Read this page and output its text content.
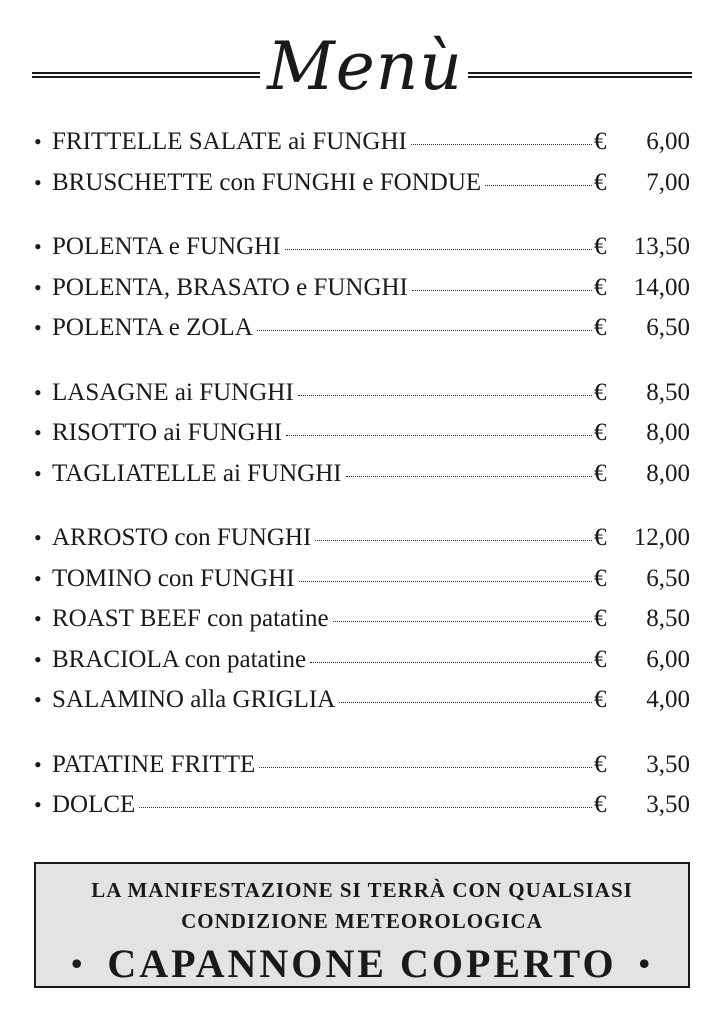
Menù
• FRITTELLE SALATE ai FUNGHI	€	6,00
• BRUSCHETTE con FUNGHI e FONDUE	€	7,00
• POLENTA e FUNGHI	€	13,50
• POLENTA, BRASATO e FUNGHI	€	14,00
• POLENTA e ZOLA	€	6,50
• LASAGNE ai FUNGHI	€	8,50
• RISOTTO ai FUNGHI	€	8,00
• TAGLIATELLE ai FUNGHI	€	8,00
• ARROSTO con FUNGHI	€	12,00
• TOMINO con FUNGHI	€	6,50
• ROAST BEEF con patatine	€	8,50
• BRACIOLA con patatine	€	6,00
• SALAMINO alla GRIGLIA	€	4,00
• PATATINE FRITTE	€	3,50
• DOLCE	€	3,50
LA MANIFESTAZIONE SI TERRÀ CON QUALSIASI
CONDIZIONE METEOROLOGICA
• CAPANNONE COPERTO •
